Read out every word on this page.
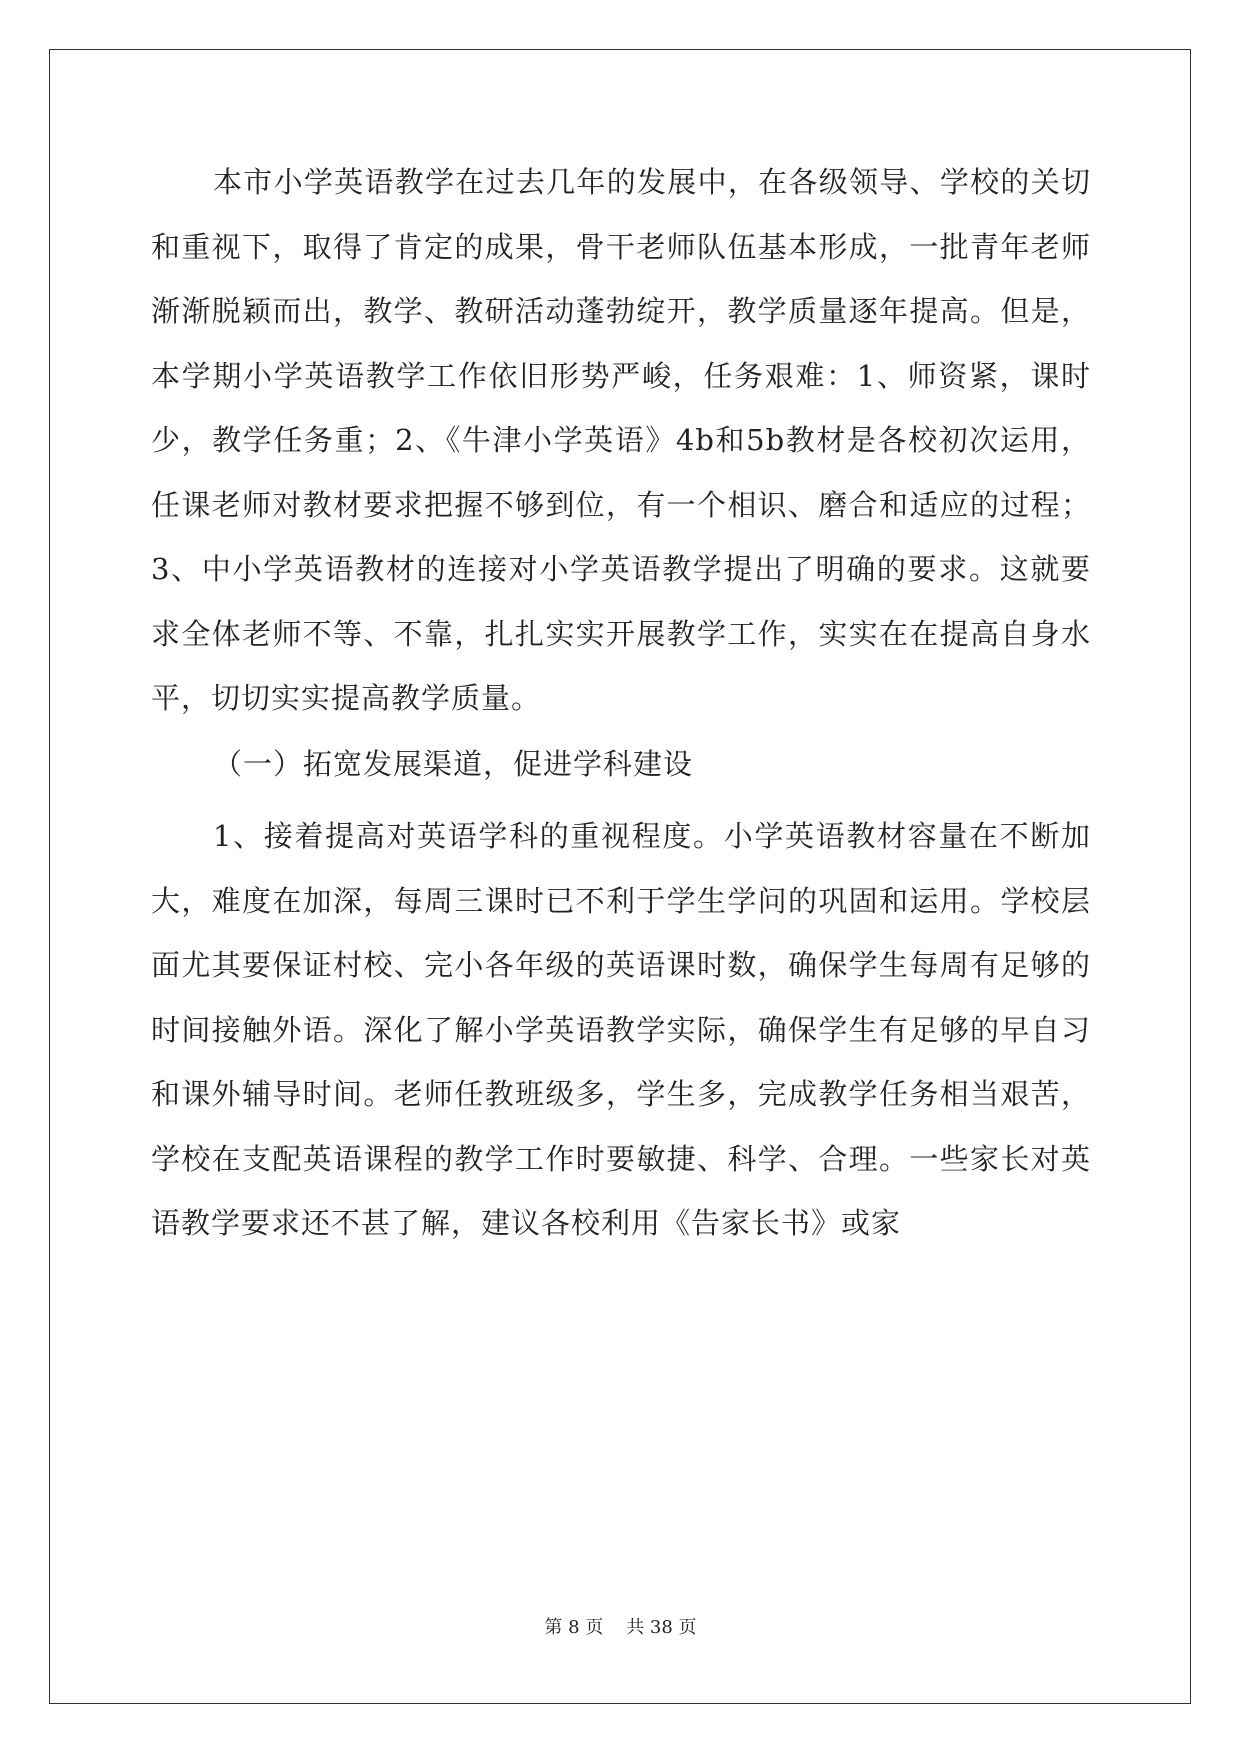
本市小学英语教学在过去几年的发展中，在各级领导、学校的关切和重视下，取得了肯定的成果，骨干老师队伍基本形成，一批青年老师渐渐脱颖而出，教学、教研活动蓬勃绽开，教学质量逐年提高。但是，本学期小学英语教学工作依旧形势严峻，任务艰难：1、师资紧，课时少，教学任务重；2、《牛津小学英语》4b和5b教材是各校初次运用，任课老师对教材要求把握不够到位，有一个相识、磨合和适应的过程；3、中小学英语教材的连接对小学英语教学提出了明确的要求。这就要求全体老师不等、不靠，扎扎实实开展教学工作，实实在在提高自身水平，切切实实提高教学质量。

（一）拓宽发展渠道，促进学科建设

1、接着提高对英语学科的重视程度。小学英语教材容量在不断加大，难度在加深，每周三课时已不利于学生学问的巩固和运用。学校层面尤其要保证村校、完小各年级的英语课时数，确保学生每周有足够的时间接触外语。深化了解小学英语教学实际，确保学生有足够的早自习和课外辅导时间。老师任教班级多，学生多，完成教学任务相当艰苦，学校在支配英语课程的教学工作时要敏捷、科学、合理。一些家长对英语教学要求还不甚了解，建议各校利用《告家长书》或家

第 8 页    共 38 页
